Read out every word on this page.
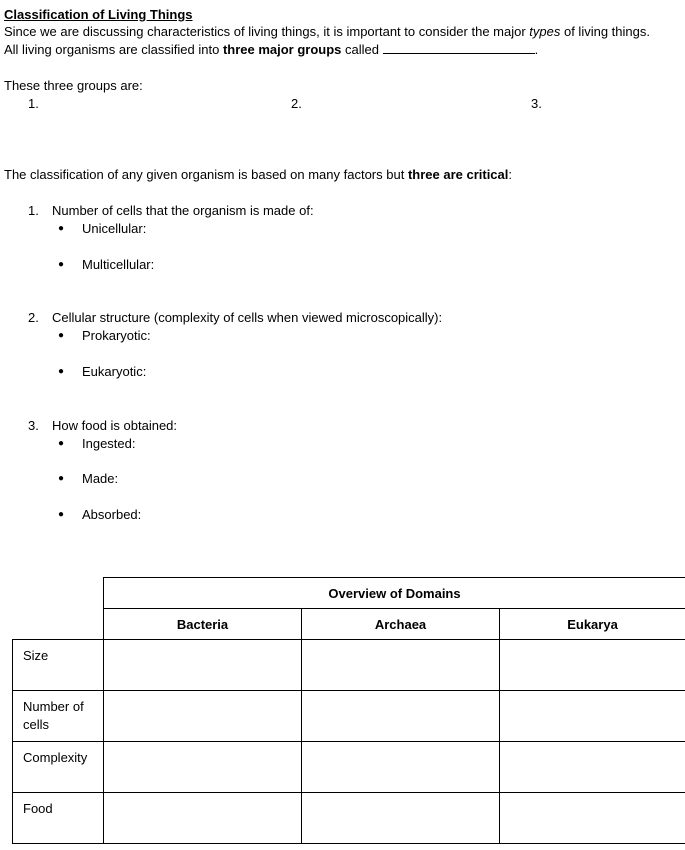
Classification of Living Things
Since we are discussing characteristics of living things, it is important to consider the major types of living things.
All living organisms are classified into three major groups called	.
These three groups are:
1.	2.	3.
The classification of any given organism is based on many factors but three are critical:
1. Number of cells that the organism is made of:
● Unicellular:
● Multicellular:
2. Cellular structure (complexity of cells when viewed microscopically):
● Prokaryotic:
● Eukaryotic:
3. How food is obtained:
● Ingested:
● Made:
● Absorbed:
	Overview of Domains		
	Bacteria	Archaea	Eukarya
Size			
Number of cells			
Complexity			
Food			
